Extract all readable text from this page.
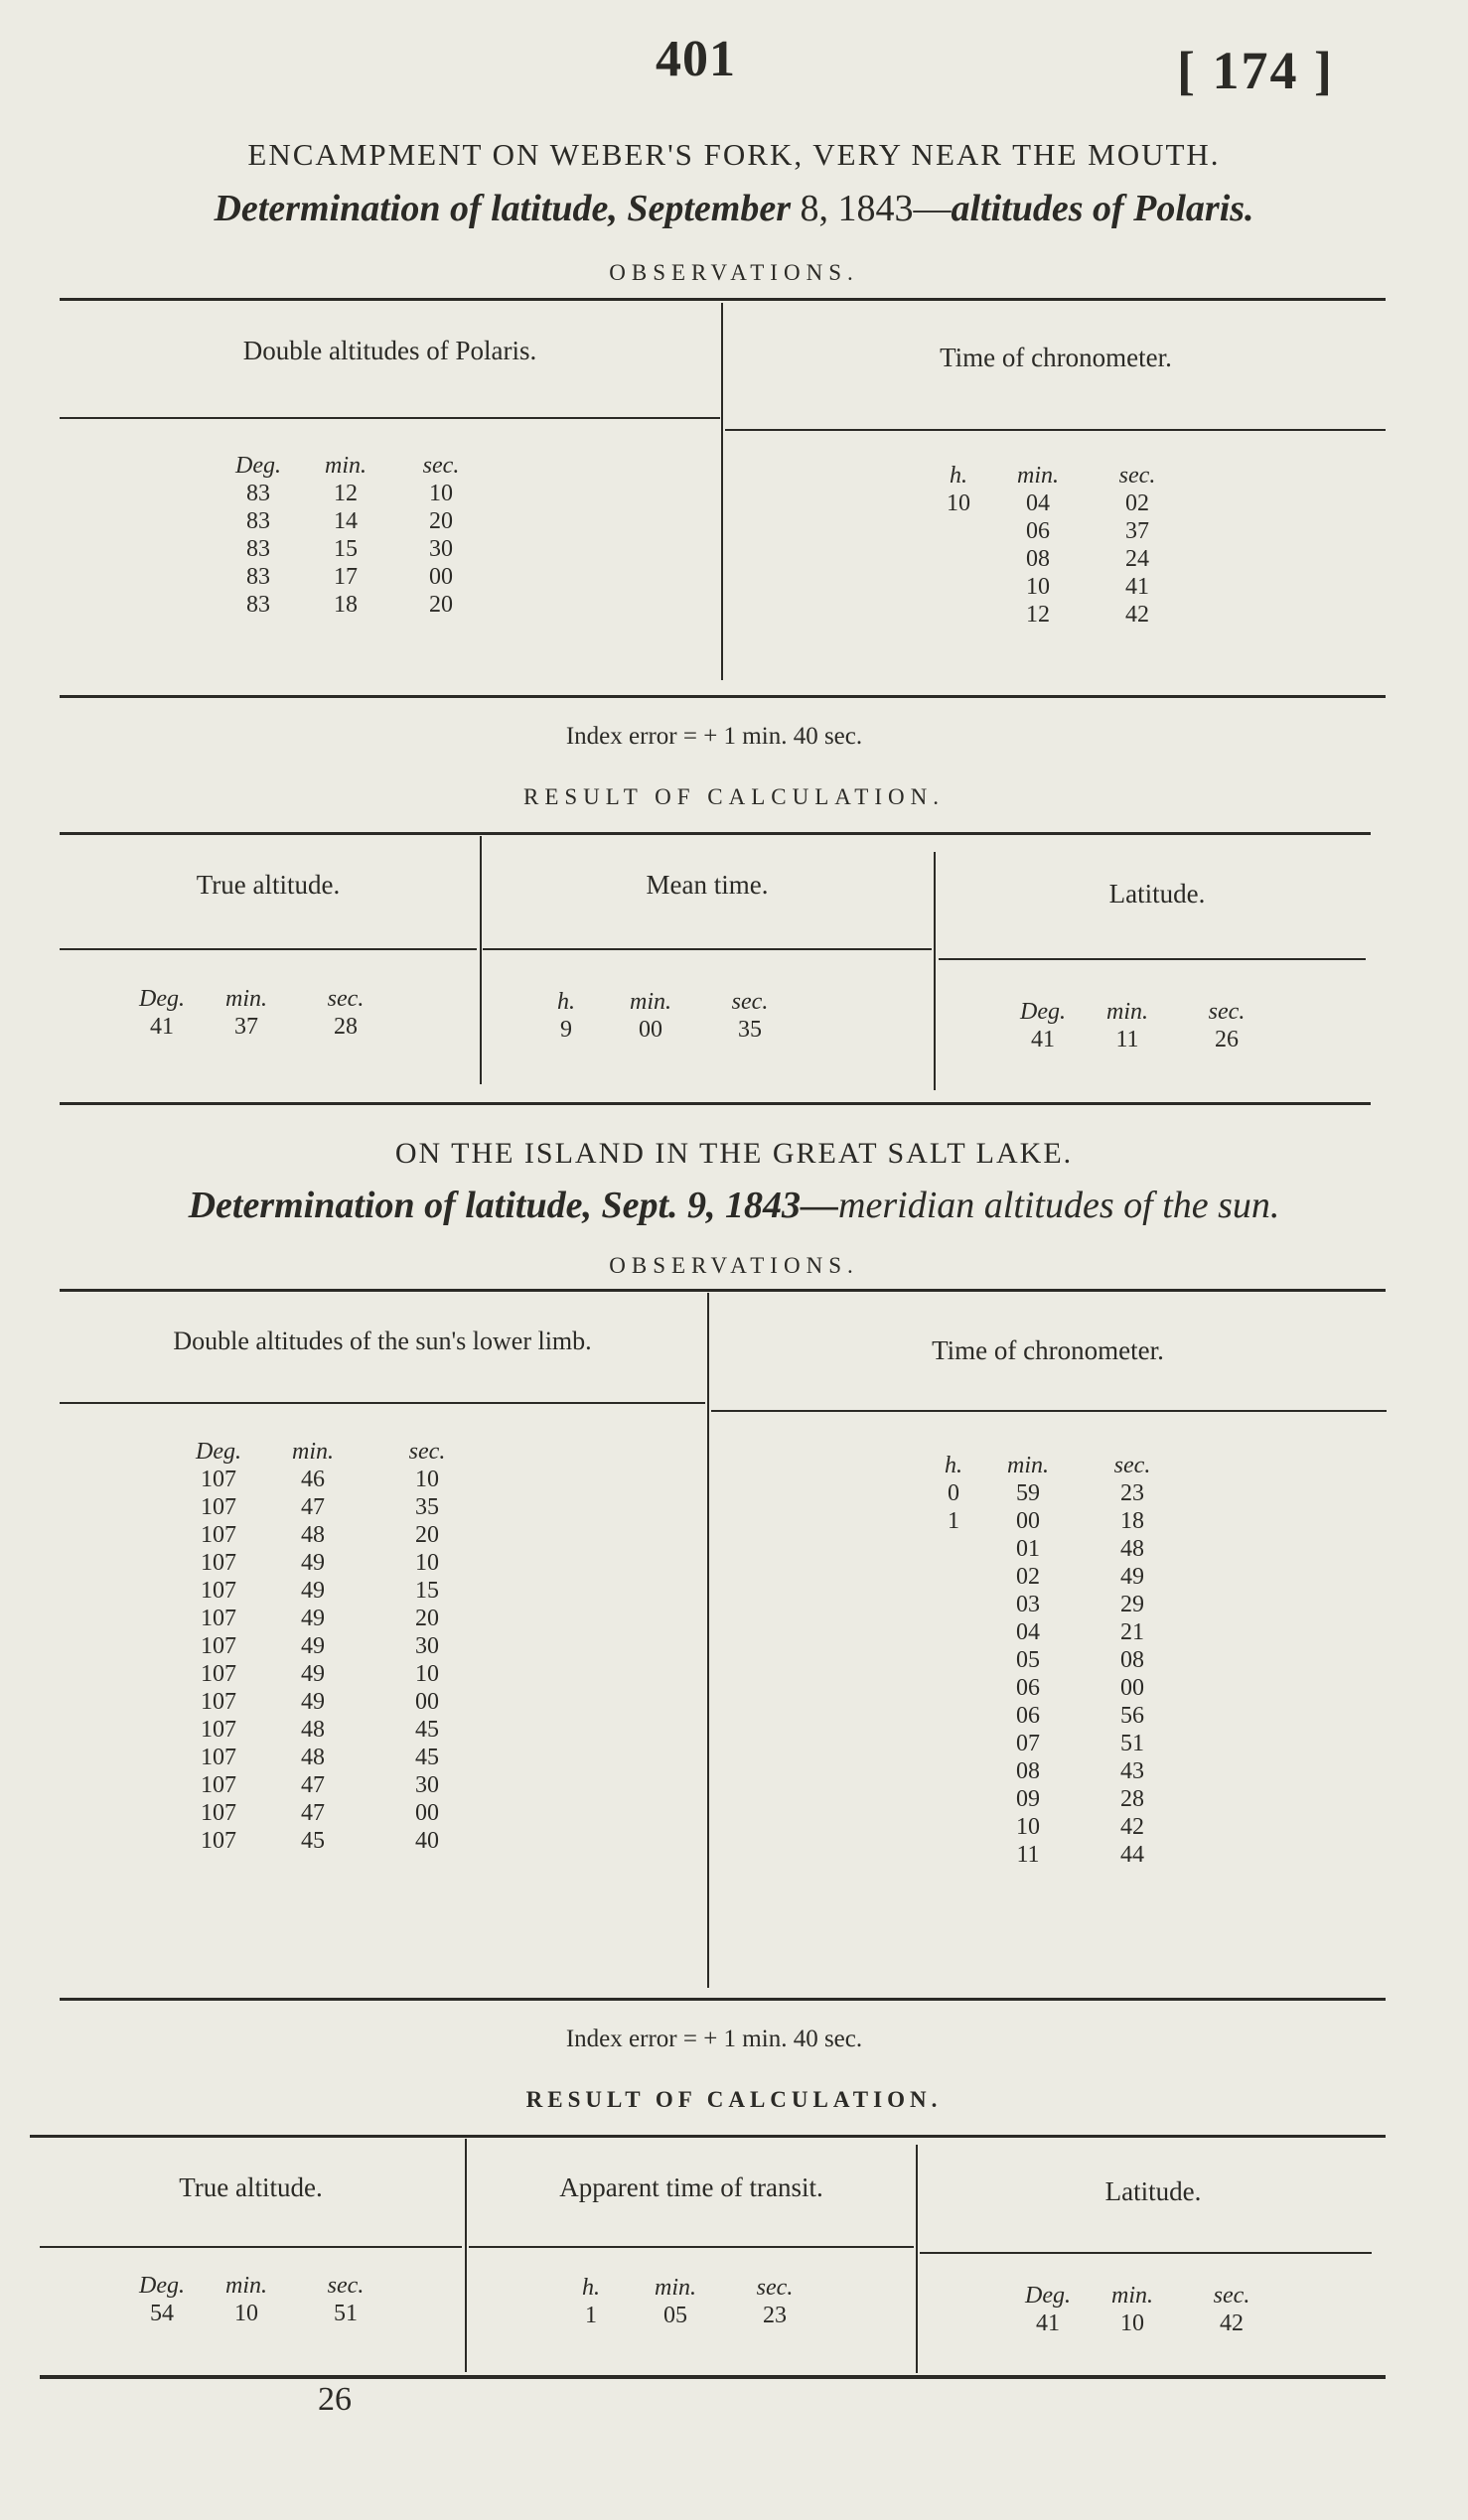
401	[ 174 ]
ENCAMPMENT ON WEBER'S FORK, VERY NEAR THE MOUTH.
Determination of latitude, September 8, 1843—altitudes of Polaris.
OBSERVATIONS.
Double altitudes of Polaris.	Time of chronometer.
Deg.	min.	sec.
83	12	10
83	14	20
83	15	30
83	17	00
83	18	20
h.	min.	sec.
10	04	02
06	37
08	24
10	41
12	42
Index error = + 1 min. 40 sec.
RESULT OF CALCULATION.
True altitude.	Mean time.	Latitude.
Deg.	min.	sec.
41	37	28
h.	min.	sec.
9	00	35
Deg.	min.	sec.
41	11	26
ON THE ISLAND IN THE GREAT SALT LAKE.
Determination of latitude, Sept. 9, 1843—meridian altitudes of the sun.
OBSERVATIONS.
Double altitudes of the sun's lower limb.	Time of chronometer.
Deg.	min.	sec.
107	46	10
107	47	35
107	48	20
107	49	10
107	49	15
107	49	20
107	49	30
107	49	10
107	49	00
107	48	45
107	48	45
107	47	30
107	47	00
107	45	40
h.	min.	sec.
0	59	23
1	00	18
01	48
02	49
03	29
04	21
05	08
06	00
06	56
07	51
08	43
09	28
10	42
11	44
Index error = + 1 min. 40 sec.
RESULT OF CALCULATION.
True altitude.	Apparent time of transit.	Latitude.
Deg.	min.	sec.
54	10	51
h.	min.	sec.
1	05	23
Deg.	min.	sec.
41	10	42
26
